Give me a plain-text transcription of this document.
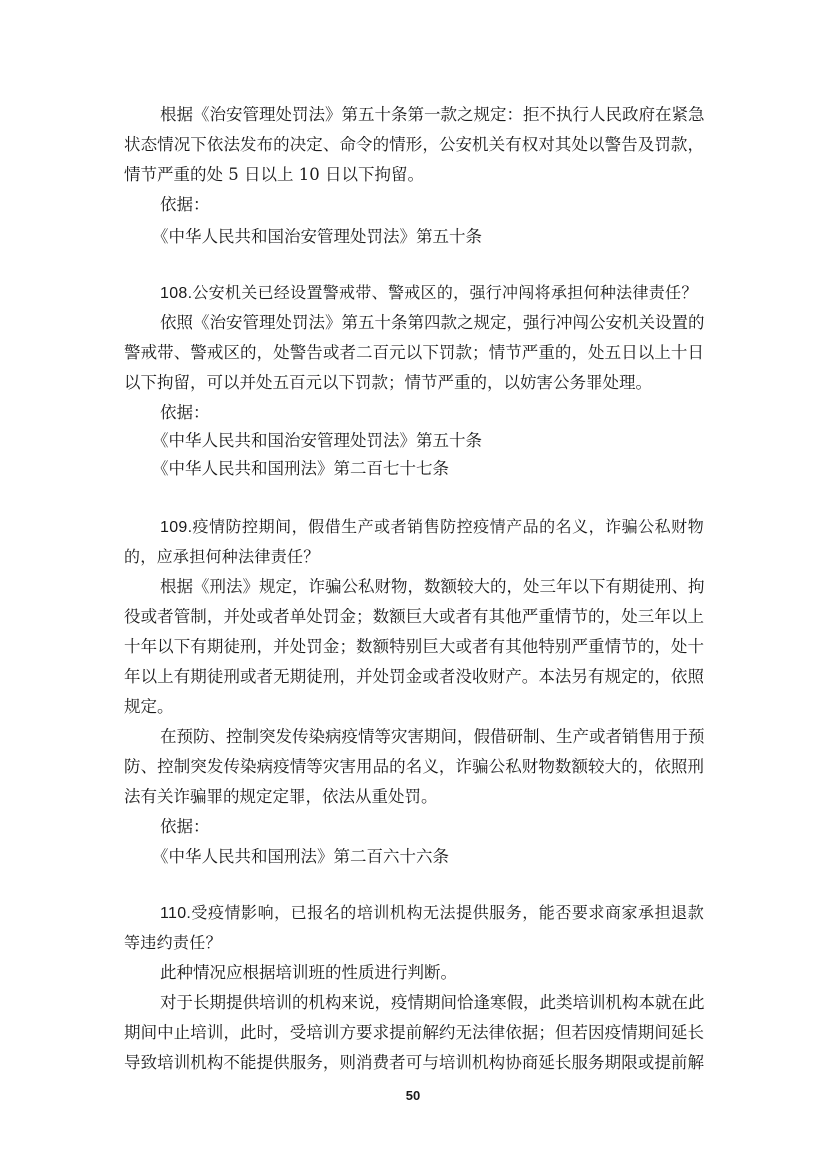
根据《治安管理处罚法》第五十条第一款之规定：拒不执行人民政府在紧急
状态情况下依法发布的决定、命令的情形，公安机关有权对其处以警告及罚款，
情节严重的处 5 日以上 10 日以下拘留。
依据：
《中华人民共和国治安管理处罚法》第五十条
108.公安机关已经设置警戒带、警戒区的，强行冲闯将承担何种法律责任？
依照《治安管理处罚法》第五十条第四款之规定，强行冲闯公安机关设置的
警戒带、警戒区的，处警告或者二百元以下罚款；情节严重的，处五日以上十日
以下拘留，可以并处五百元以下罚款；情节严重的，以妨害公务罪处理。
依据：
《中华人民共和国治安管理处罚法》第五十条
《中华人民共和国刑法》第二百七十七条
109.疫情防控期间，假借生产或者销售防控疫情产品的名义，诈骗公私财物
的，应承担何种法律责任？
根据《刑法》规定，诈骗公私财物，数额较大的，处三年以下有期徒刑、拘
役或者管制，并处或者单处罚金；数额巨大或者有其他严重情节的，处三年以上
十年以下有期徒刑，并处罚金；数额特别巨大或者有其他特别严重情节的，处十
年以上有期徒刑或者无期徒刑，并处罚金或者没收财产。本法另有规定的，依照
规定。
在预防、控制突发传染病疫情等灾害期间，假借研制、生产或者销售用于预
防、控制突发传染病疫情等灾害用品的名义，诈骗公私财物数额较大的，依照刑
法有关诈骗罪的规定定罪，依法从重处罚。
依据：
《中华人民共和国刑法》第二百六十六条
110.受疫情影响，已报名的培训机构无法提供服务，能否要求商家承担退款
等违约责任？
此种情况应根据培训班的性质进行判断。
对于长期提供培训的机构来说，疫情期间恰逢寒假，此类培训机构本就在此
期间中止培训，此时，受培训方要求提前解约无法律依据；但若因疫情期间延长
导致培训机构不能提供服务，则消费者可与培训机构协商延长服务期限或提前解
50
